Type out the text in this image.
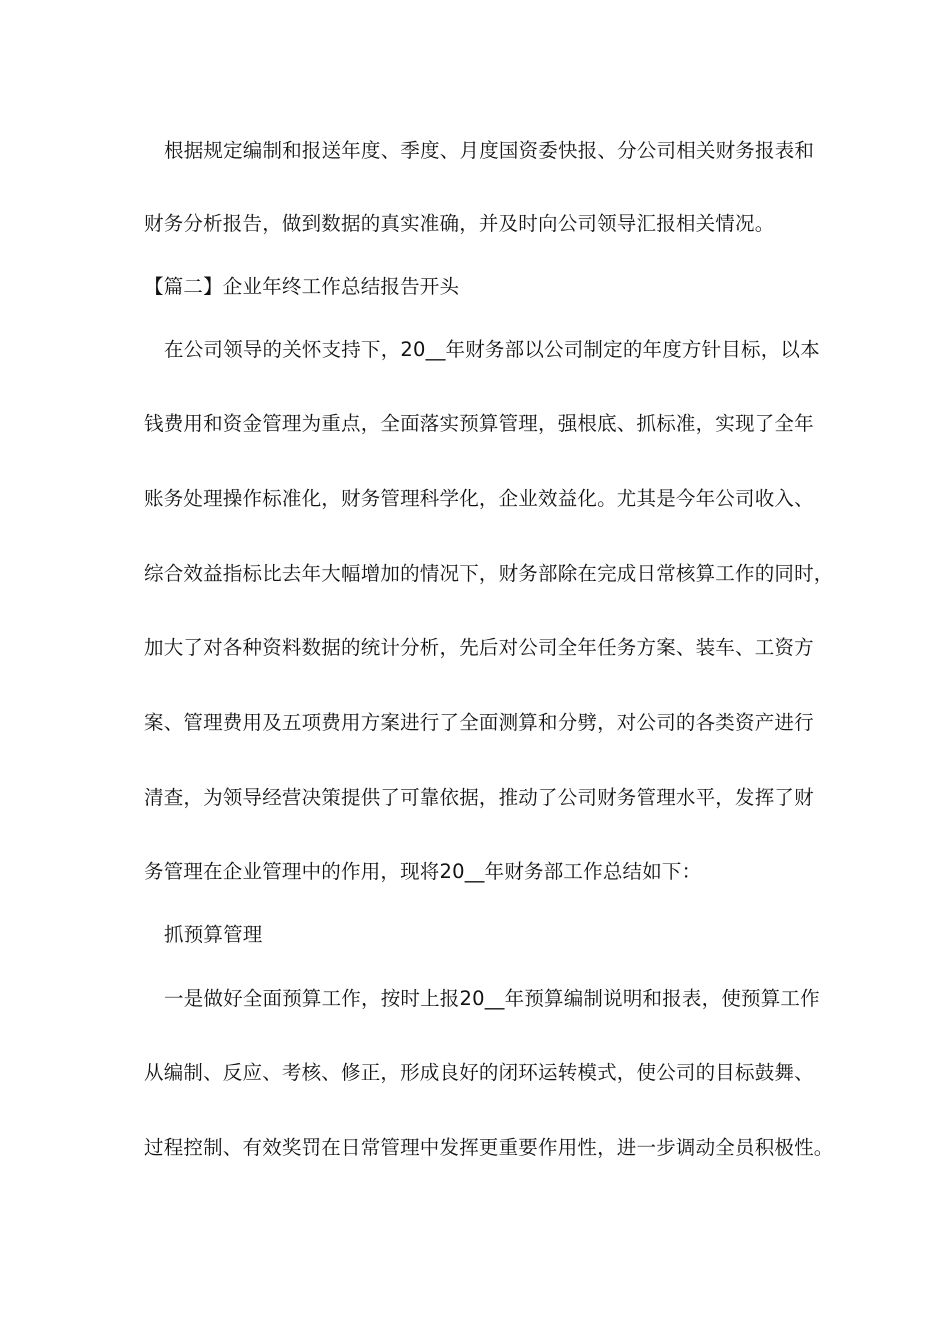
根据规定编制和报送年度、季度、月度国资委快报、分公司相关财务报表和
财务分析报告，做到数据的真实准确，并及时向公司领导汇报相关情况。
【篇二】企业年终工作总结报告开头
在公司领导的关怀支持下，20__年财务部以公司制定的年度方针目标，以本
钱费用和资金管理为重点，全面落实预算管理，强根底、抓标准，实现了全年
账务处理操作标准化，财务管理科学化，企业效益化。尤其是今年公司收入、
综合效益指标比去年大幅增加的情况下，财务部除在完成日常核算工作的同时，
加大了对各种资料数据的统计分析，先后对公司全年任务方案、装车、工资方
案、管理费用及五项费用方案进行了全面测算和分劈，对公司的各类资产进行
清查，为领导经营决策提供了可靠依据，推动了公司财务管理水平，发挥了财
务管理在企业管理中的作用，现将20__年财务部工作总结如下：
抓预算管理
一是做好全面预算工作，按时上报20__年预算编制说明和报表，使预算工作
从编制、反应、考核、修正，形成良好的闭环运转模式，使公司的目标鼓舞、
过程控制、有效奖罚在日常管理中发挥更重要作用性，进一步调动全员积极性。
